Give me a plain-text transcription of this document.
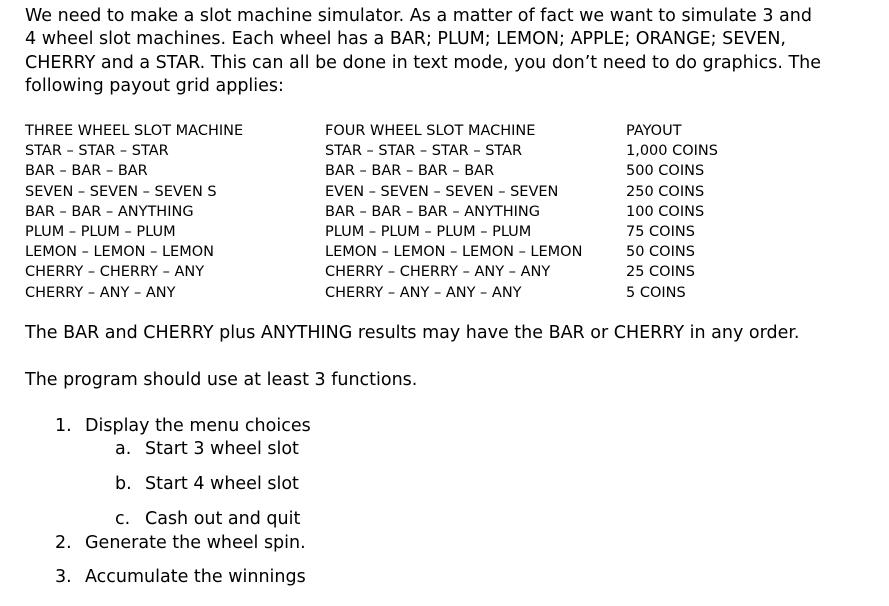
We need to make a slot machine simulator. As a matter of fact we want to simulate 3 and 4 wheel slot machines. Each wheel has a BAR; PLUM; LEMON; APPLE; ORANGE; SEVEN, CHERRY and a STAR. This can all be done in text mode, you don’t need to do graphics. The following payout grid applies:

THREE WHEEL SLOT MACHINE
STAR – STAR – STAR
BAR – BAR – BAR
SEVEN – SEVEN – SEVEN S
BAR – BAR – ANYTHING
PLUM – PLUM – PLUM
LEMON – LEMON – LEMON
CHERRY – CHERRY – ANY
CHERRY – ANY – ANY
FOUR WHEEL SLOT MACHINE
STAR – STAR – STAR – STAR
BAR – BAR – BAR – BAR
EVEN – SEVEN – SEVEN – SEVEN
BAR – BAR – BAR – ANYTHING
PLUM – PLUM – PLUM – PLUM
LEMON – LEMON – LEMON – LEMON
CHERRY – CHERRY – ANY – ANY
CHERRY – ANY – ANY – ANY
PAYOUT
1,000 COINS
500 COINS
250 COINS
100 COINS
75 COINS
50 COINS
25 COINS
5 COINS

The BAR and CHERRY plus ANYTHING results may have the BAR or CHERRY in any order.

The program should use at least 3 functions.

1. Display the menu choices
a. Start 3 wheel slot
b. Start 4 wheel slot
c. Cash out and quit
2. Generate the wheel spin.
3. Accumulate the winnings
